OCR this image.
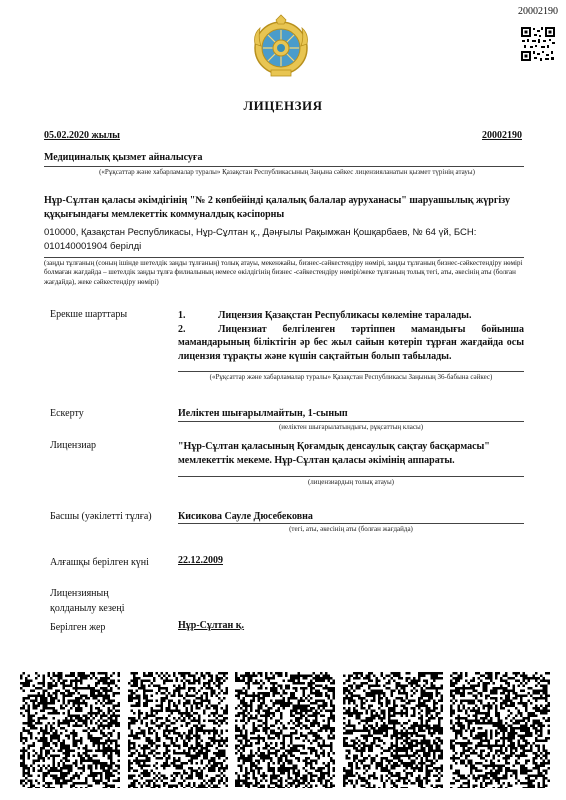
20002190
ЛИЦЕНЗИЯ
05.02.2020 жылы	20002190
Медициналық қызмет айналысуға
(«Рұқсаттар және хабарламалар туралы» Қазақстан Республикасының Заңына сәйкес лицензияланатын қызмет түрінің атауы)
Нұр-Сұлтан қаласы әкімдігінің "№ 2 көпбейінді қалалық балалар ауруханасы" шаруашылық жүргізу құқығындағы мемлекеттік коммуналдық кәсіпорны
010000, Қазақстан Республикасы, Нұр-Сұлтан қ., Дәңғылы Рақымжан Қошқарбаев, № 64 үй, БСН: 010140001904 берілді
(заңды тұлғаның (соның ішінде шетелдік заңды тұлғаның) толық атауы, мекенжайы, бизнес-сәйкестендіру нөмірі, заңды тұлғаның бизнес-сәйкестендіру нөмірі болмаған жағдайда – шетелдік заңды тұлға филиалының немесе өкілдігінің бизнес -сәйкестендіру нөмірі/жеке тұлғаның толық тегі, аты, әкесінің аты (болған жағдайда), жеке сәйкестендіру нөмірі)
Ерекше шарттары	1.	Лицензия Қазақстан Республикасы көлеміне таралады.
2.	Лицензиат белгіленген тәртіппен мамандығы бойынша мамандарының біліктігін әр бес жыл сайын көтеріп тұрған жағдайда осы лицензия тұрақты және күшін сақтайтын болып табылады.
(«Рұқсаттар және хабарламалар туралы» Қазақстан Республикасы Заңының 36-бабына сәйкес)
Ескерту	Иеліктен шығарылмайтын, 1-сынып
(иеліктен шығарылатындығы, рұқсаттың класы)
Лицензиар	"Нұр-Сұлтан қаласының Қоғамдық денсаулық сақтау басқармасы" мемлекеттік мекеме. Нұр-Сұлтан қаласы әкімінің аппараты.
(лицензиардың толық атауы)
Басшы (уәкілетті тұлға)	Кисикова Сауле Дюсебековна
(тегі, аты, әкесінің аты (болған жағдайда)
Алғашқы берілген күні	22.12.2009
Лицензияның
қолданылу кезеңі
Берілген жер	Нұр-Сұлтан қ.
